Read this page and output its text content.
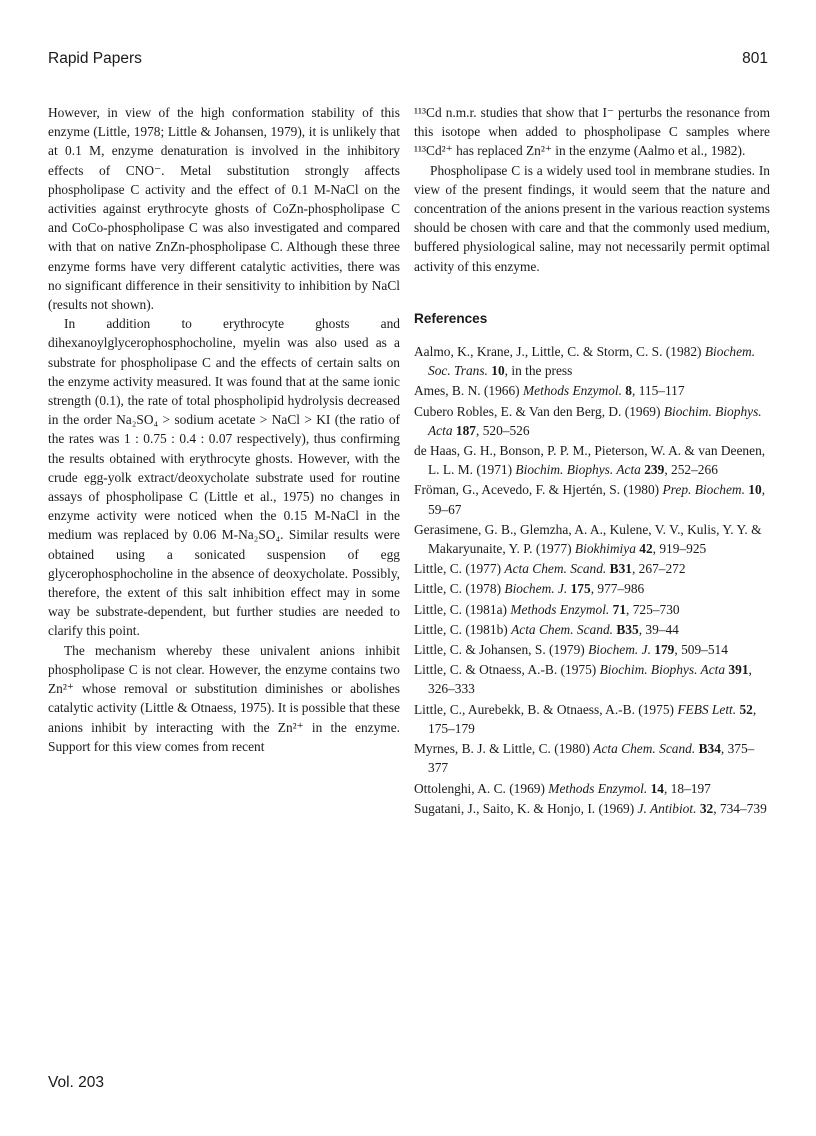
Rapid Papers	801

However, in view of the high conformation stability of this enzyme (Little, 1978; Little & Johansen, 1979), it is unlikely that at 0.1 M, enzyme denaturation is involved in the inhibitory effects of CNO⁻. Metal substitution strongly affects phospholipase C activity and the effect of 0.1 M-NaCl on the activities against erythrocyte ghosts of CoZn-phospholipase C and CoCo-phospholipase C was also investigated and compared with that on native ZnZn-phospholipase C. Although these three enzyme forms have very different catalytic activities, there was no significant difference in their sensitivity to inhibition by NaCl (results not shown).

In addition to erythrocyte ghosts and dihexanoylglycerophosphocholine, myelin was also used as a substrate for phospholipase C and the effects of certain salts on the enzyme activity measured. It was found that at the same ionic strength (0.1), the rate of total phospholipid hydrolysis decreased in the order Na₂SO₄ > sodium acetate > NaCl > KI (the ratio of the rates was 1 : 0.75 : 0.4 : 0.07 respectively), thus confirming the results obtained with erythrocyte ghosts. However, with the crude egg-yolk extract/deoxycholate substrate used for routine assays of phospholipase C (Little et al., 1975) no changes in enzyme activity were noticed when the 0.15 M-NaCl in the medium was replaced by 0.06 M-Na₂SO₄. Similar results were obtained using a sonicated suspension of egg glycerophosphocholine in the absence of deoxycholate. Possibly, therefore, the extent of this salt inhibition effect may in some way be substrate-dependent, but further studies are needed to clarify this point.

The mechanism whereby these univalent anions inhibit phospholipase C is not clear. However, the enzyme contains two Zn²⁺ whose removal or substitution diminishes or abolishes catalytic activity (Little & Otnaess, 1975). It is possible that these anions inhibit by interacting with the Zn²⁺ in the enzyme. Support for this view comes from recent

¹¹³Cd n.m.r. studies that show that I⁻ perturbs the resonance from this isotope when added to phospholipase C samples where ¹¹³Cd²⁺ has replaced Zn²⁺ in the enzyme (Aalmo et al., 1982).

Phospholipase C is a widely used tool in membrane studies. In view of the present findings, it would seem that the nature and concentration of the anions present in the various reaction systems should be chosen with care and that the commonly used medium, buffered physiological saline, may not necessarily permit optimal activity of this enzyme.

References

Aalmo, K., Krane, J., Little, C. & Storm, C. S. (1982) Biochem. Soc. Trans. 10, in the press

Ames, B. N. (1966) Methods Enzymol. 8, 115–117

Cubero Robles, E. & Van den Berg, D. (1969) Biochim. Biophys. Acta 187, 520–526

de Haas, G. H., Bonson, P. P. M., Pieterson, W. A. & van Deenen, L. L. M. (1971) Biochim. Biophys. Acta 239, 252–266

Fröman, G., Acevedo, F. & Hjertén, S. (1980) Prep. Biochem. 10, 59–67

Gerasimene, G. B., Glemzha, A. A., Kulene, V. V., Kulis, Y. Y. & Makaryunaite, Y. P. (1977) Biokhimiya 42, 919–925

Little, C. (1977) Acta Chem. Scand. B31, 267–272

Little, C. (1978) Biochem. J. 175, 977–986

Little, C. (1981a) Methods Enzymol. 71, 725–730

Little, C. (1981b) Acta Chem. Scand. B35, 39–44

Little, C. & Johansen, S. (1979) Biochem. J. 179, 509–514

Little, C. & Otnaess, A.-B. (1975) Biochim. Biophys. Acta 391, 326–333

Little, C., Aurebekk, B. & Otnaess, A.-B. (1975) FEBS Lett. 52, 175–179

Myrnes, B. J. & Little, C. (1980) Acta Chem. Scand. B34, 375–377

Ottolenghi, A. C. (1969) Methods Enzymol. 14, 18–197

Sugatani, J., Saito, K. & Honjo, I. (1969) J. Antibiot. 32, 734–739

Vol. 203
